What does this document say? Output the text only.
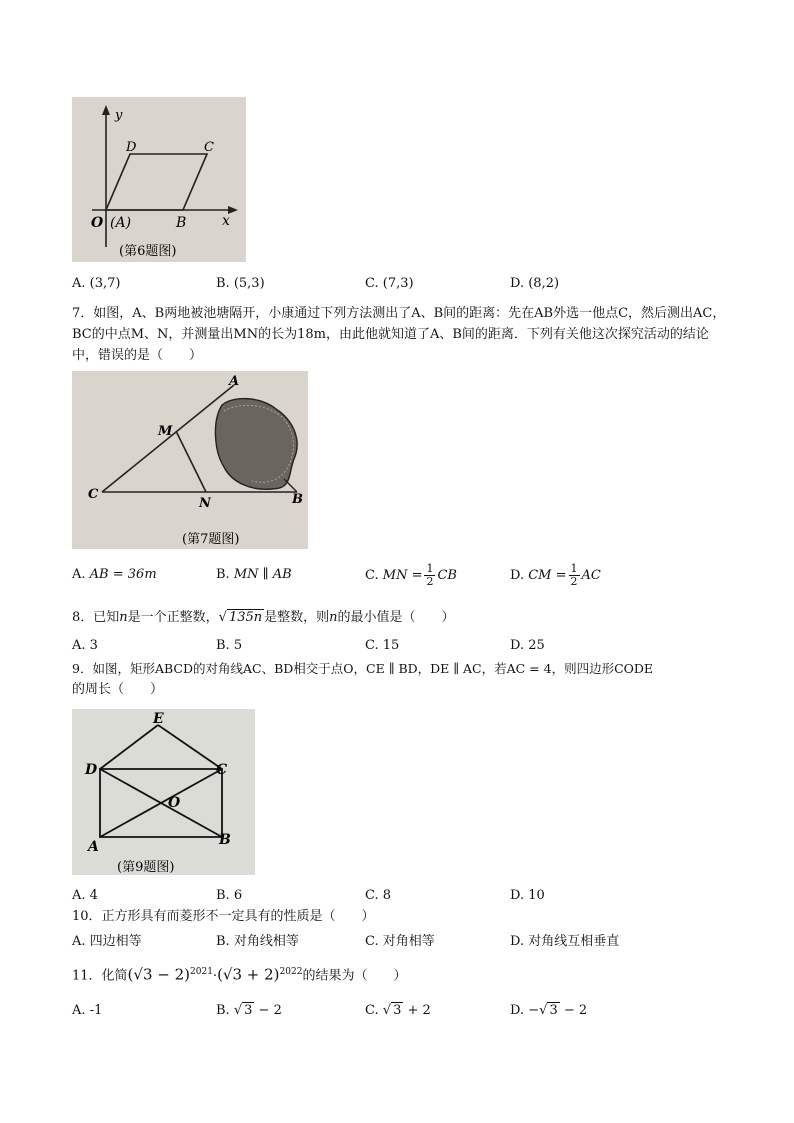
y
x
D	C
O (A)	B
(第6题图)
A. (3,7)	B. (5,3)	C. (7,3)	D. (8,2)
7．如图，A、B两地被池塘隔开，小康通过下列方法测出了A、B间的距离：先在AB外选一他点C，然后测出AC，BC的中点M、N，并测量出MN的长为18m，由此他就知道了A、B间的距离．下列有关他这次探究活动的结论中，错误的是（　　）
A
M
C
N	B
(第7题图)
A. AB = 36m	B. MN ∥ AB	C. MN = $\frac{1}{2}$ CB	D. CM = $\frac{1}{2}$ AC
8．已知n是一个正整数，√ 135n 是整数，则n的最小值是（　　）
A. 3	B. 5	C. 15	D. 25
9．如图，矩形ABCD的对角线AC、BD相交于点O，CE ∥ BD，DE ∥ AC，若AC = 4，则四边形CODE
的周长（　　）
E
D	C
O
A	B
(第9题图)
A. 4	B. 6	C. 8	D. 10
10．正方形具有而菱形不一定具有的性质是（　　）
A. 四边相等	B. 对角线相等	C. 对角相等	D. 对角线互相垂直
11．化简$(√3 - 2)^{2021}\cdot(√3 + 2)^{2022}$的结果为（　　）
A. -1	B. √ 3 − 2	C. √ 3 + 2	D. −√ 3 − 2
